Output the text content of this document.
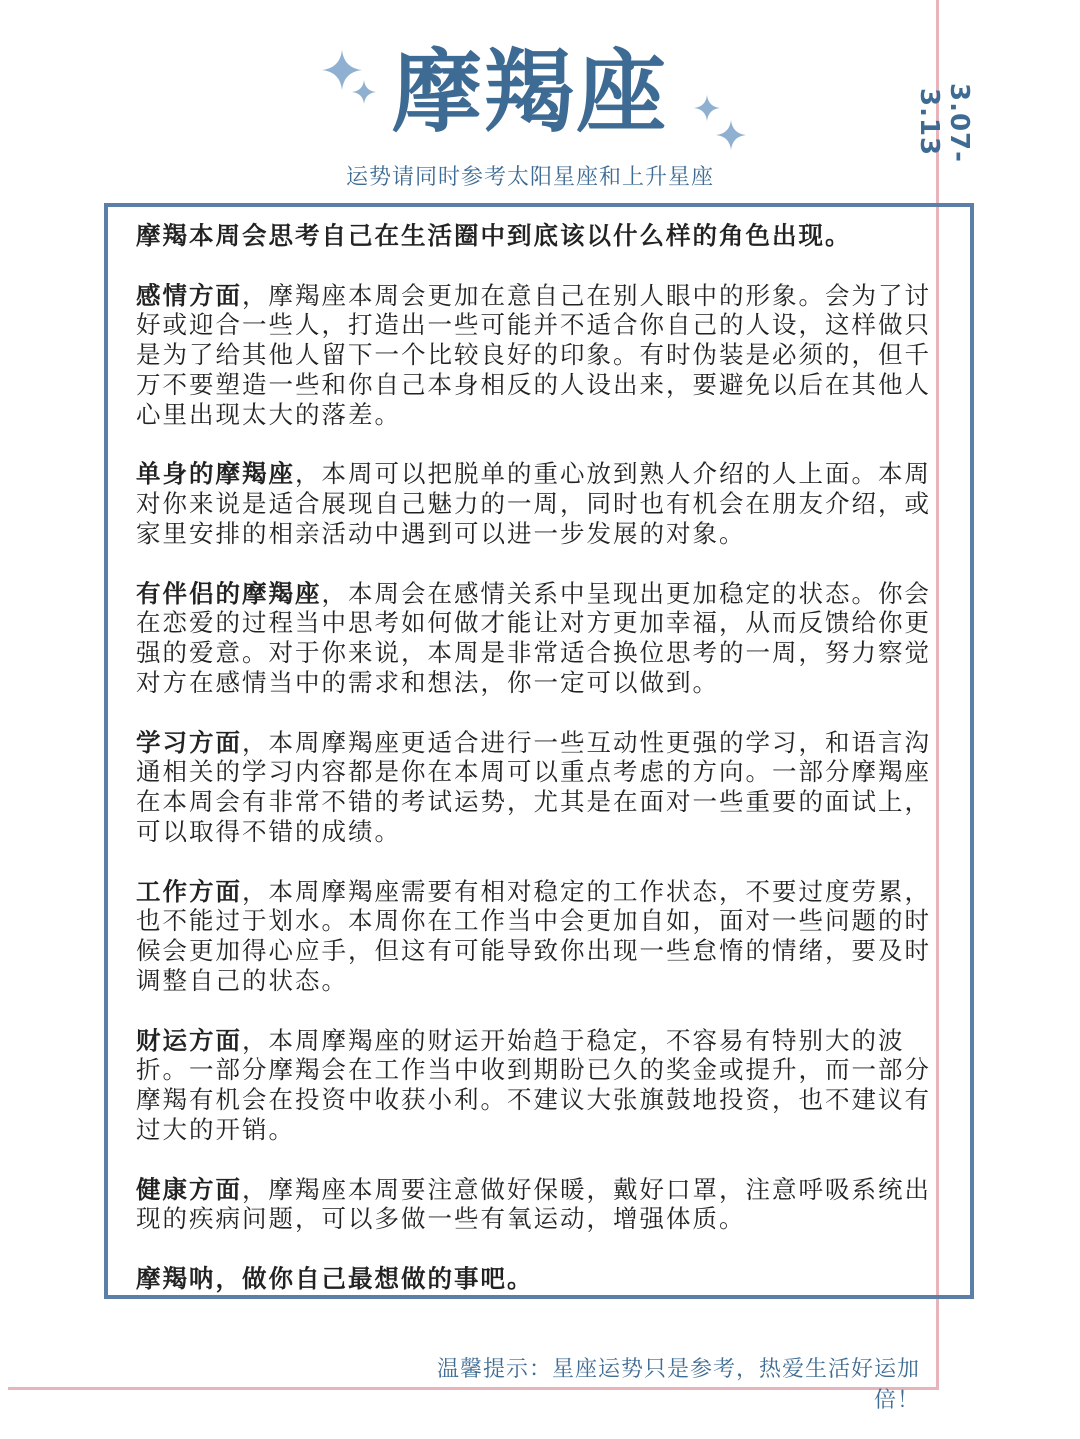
3.07-3.13
摩羯座
运势请同时参考太阳星座和上升星座

摩羯本周会思考自己在生活圈中到底该以什么样的角色出现。

感情方面，摩羯座本周会更加在意自己在别人眼中的形象。会为了讨好或迎合一些人，打造出一些可能并不适合你自己的人设，这样做只是为了给其他人留下一个比较良好的印象。有时伪装是必须的，但千万不要塑造一些和你自己本身相反的人设出来，要避免以后在其他人心里出现太大的落差。

单身的摩羯座，本周可以把脱单的重心放到熟人介绍的人上面。本周对你来说是适合展现自己魅力的一周，同时也有机会在朋友介绍，或家里安排的相亲活动中遇到可以进一步发展的对象。

有伴侣的摩羯座，本周会在感情关系中呈现出更加稳定的状态。你会在恋爱的过程当中思考如何做才能让对方更加幸福，从而反馈给你更强的爱意。对于你来说，本周是非常适合换位思考的一周，努力察觉对方在感情当中的需求和想法，你一定可以做到。

学习方面，本周摩羯座更适合进行一些互动性更强的学习，和语言沟通相关的学习内容都是你在本周可以重点考虑的方向。一部分摩羯座在本周会有非常不错的考试运势，尤其是在面对一些重要的面试上，可以取得不错的成绩。

工作方面，本周摩羯座需要有相对稳定的工作状态，不要过度劳累，也不能过于划水。本周你在工作当中会更加自如，面对一些问题的时候会更加得心应手，但这有可能导致你出现一些怠惰的情绪，要及时调整自己的状态。

财运方面，本周摩羯座的财运开始趋于稳定，不容易有特别大的波折。一部分摩羯会在工作当中收到期盼已久的奖金或提升，而一部分摩羯有机会在投资中收获小利。不建议大张旗鼓地投资，也不建议有过大的开销。

健康方面，摩羯座本周要注意做好保暖，戴好口罩，注意呼吸系统出现的疾病问题，可以多做一些有氧运动，增强体质。

摩羯呐，做你自己最想做的事吧。

温馨提示：星座运势只是参考，热爱生活好运加倍！
